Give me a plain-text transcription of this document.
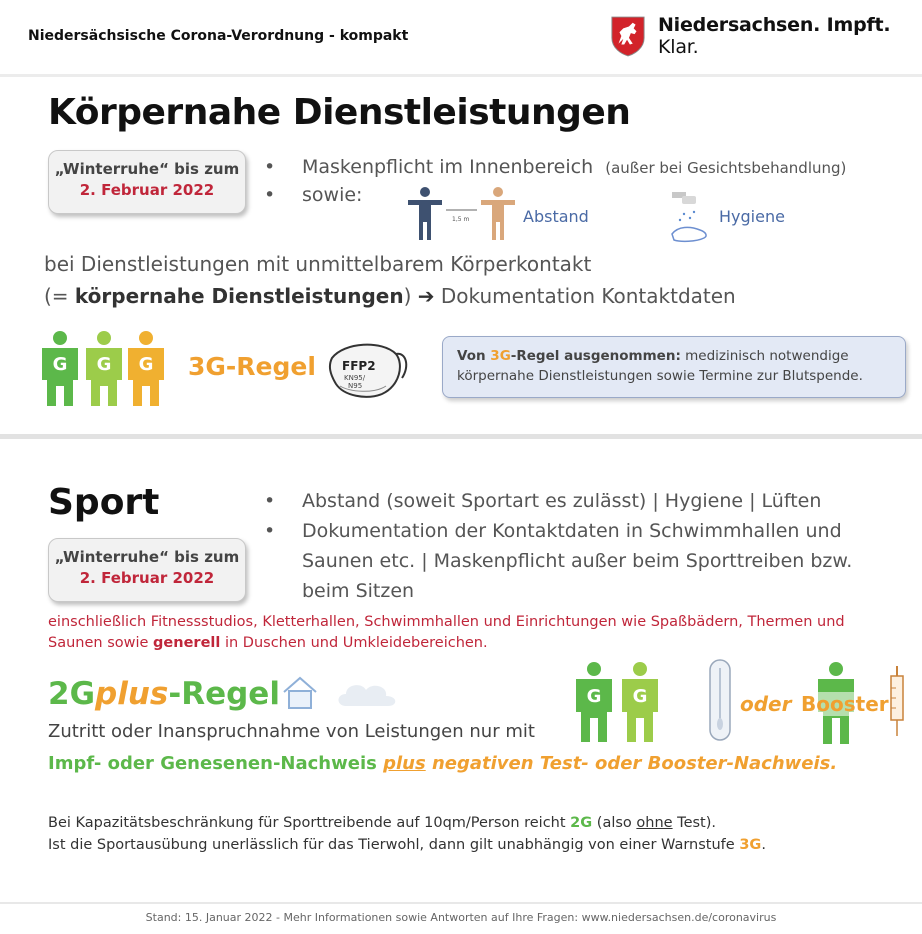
Niedersächsische Corona-Verordnung - kompakt	Niedersachsen. Impft. Klar.
Körpernahe Dienstleistungen
„Winterruhe“ bis zum
2. Februar 2022
•	Maskenpflicht im Innenbereich (außer bei Gesichtsbehandlung)
•	sowie:
1,5 m	Abstand	Hygiene
bei Dienstleistungen mit unmittelbarem Körperkontakt
(= körpernahe Dienstleistungen) ➔ Dokumentation Kontaktdaten
G G G 3G-Regel FFP2
KN95/
N95
Von 3G-Regel ausgenommen: medizinisch notwendige
körpernahe Dienstleistungen sowie Termine zur Blutspende.
Sport
„Winterruhe“ bis zum
2. Februar 2022
•	Abstand (soweit Sportart es zulässt) | Hygiene | Lüften
•	Dokumentation der Kontaktdaten in Schwimmhallen und
Saunen etc. | Maskenpflicht außer beim Sporttreiben bzw.
beim Sitzen
einschließlich Fitnessstudios, Kletterhallen, Schwimmhallen und Einrichtungen wie Spaßbädern, Thermen und
Saunen sowie generell in Duschen und Umkleidebereichen.
2Gplus-Regel	G G	oder Booster
Zutritt oder Inanspruchnahme von Leistungen nur mit
Impf- oder Genesenen-Nachweis plus negativen Test- oder Booster-Nachweis.
Bei Kapazitätsbeschränkung für Sporttreibende auf 10qm/Person reicht 2G (also ohne Test).
Ist die Sportausübung unerlässlich für das Tierwohl, dann gilt unabhängig von einer Warnstufe 3G.
Stand: 15. Januar 2022 - Mehr Informationen sowie Antworten auf Ihre Fragen: www.niedersachsen.de/coronavirus
